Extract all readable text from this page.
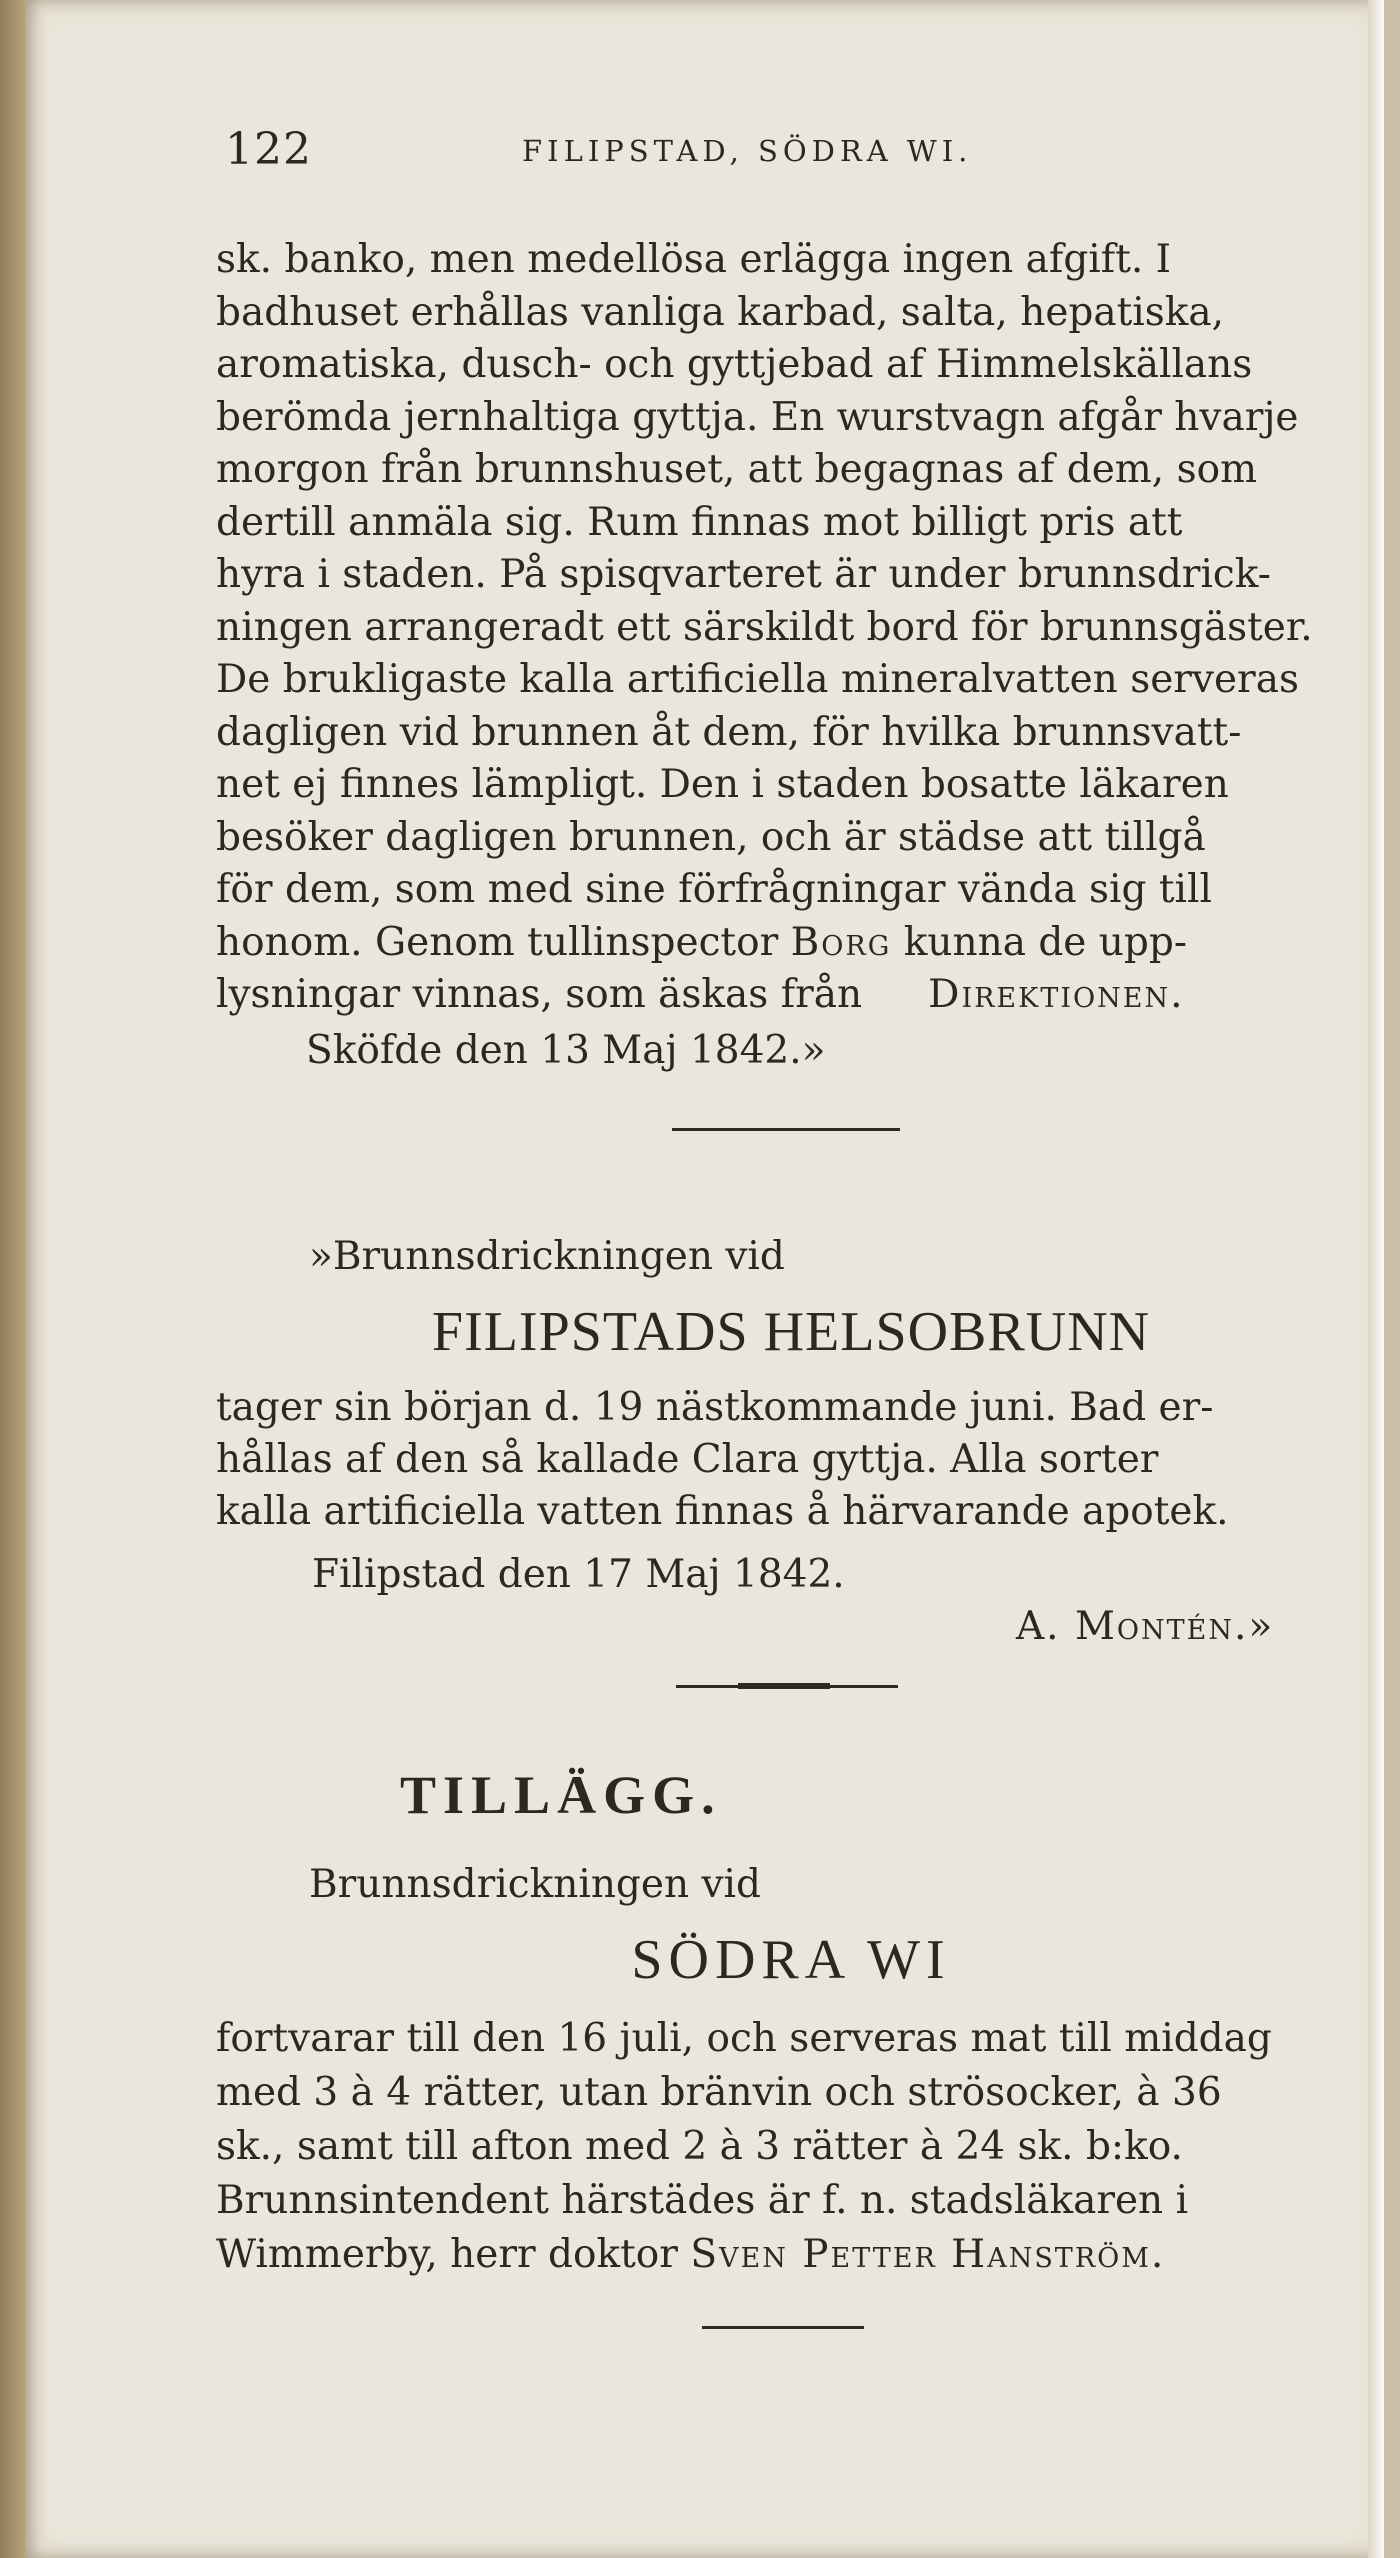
122	FILIPSTAD, SÖDRA WI.
sk. banko, men medellösa erlägga ingen afgift. I
badhuset erhållas vanliga karbad, salta, hepatiska,
aromatiska, dusch- och gyttjebad af Himmelskällans
berömda jernhaltiga gyttja. En wurstvagn afgår hvarje
morgon från brunnshuset, att begagnas af dem, som
dertill anmäla sig. Rum finnas mot billigt pris att
hyra i staden. På spisqvarteret är under brunnsdrick-
ningen arrangeradt ett särskildt bord för brunnsgäster.
De brukligaste kalla artificiella mineralvatten serveras
dagligen vid brunnen åt dem, för hvilka brunnsvatt-
net ej finnes lämpligt. Den i staden bosatte läkaren
besöker dagligen brunnen, och är städse att tillgå
för dem, som med sine förfrågningar vända sig till
honom. Genom tullinspector Borg kunna de upp-
lysningar vinnas, som äskas från Direktionen.
Sköfde den 13 Maj 1842.»
»Brunnsdrickningen vid
FILIPSTADS HELSOBRUNN
tager sin början d. 19 nästkommande juni. Bad er-
hållas af den så kallade Clara gyttja. Alla sorter
kalla artificiella vatten finnas å härvarande apotek.
Filipstad den 17 Maj 1842.
A. Montén.»
TILLÄGG.
Brunnsdrickningen vid
SÖDRA WI
fortvarar till den 16 juli, och serveras mat till middag
med 3 à 4 rätter, utan bränvin och strösocker, à 36
sk., samt till afton med 2 à 3 rätter à 24 sk. b:ko.
Brunnsintendent härstädes är f. n. stadsläkaren i
Wimmerby, herr doktor Sven Petter Hanström.
